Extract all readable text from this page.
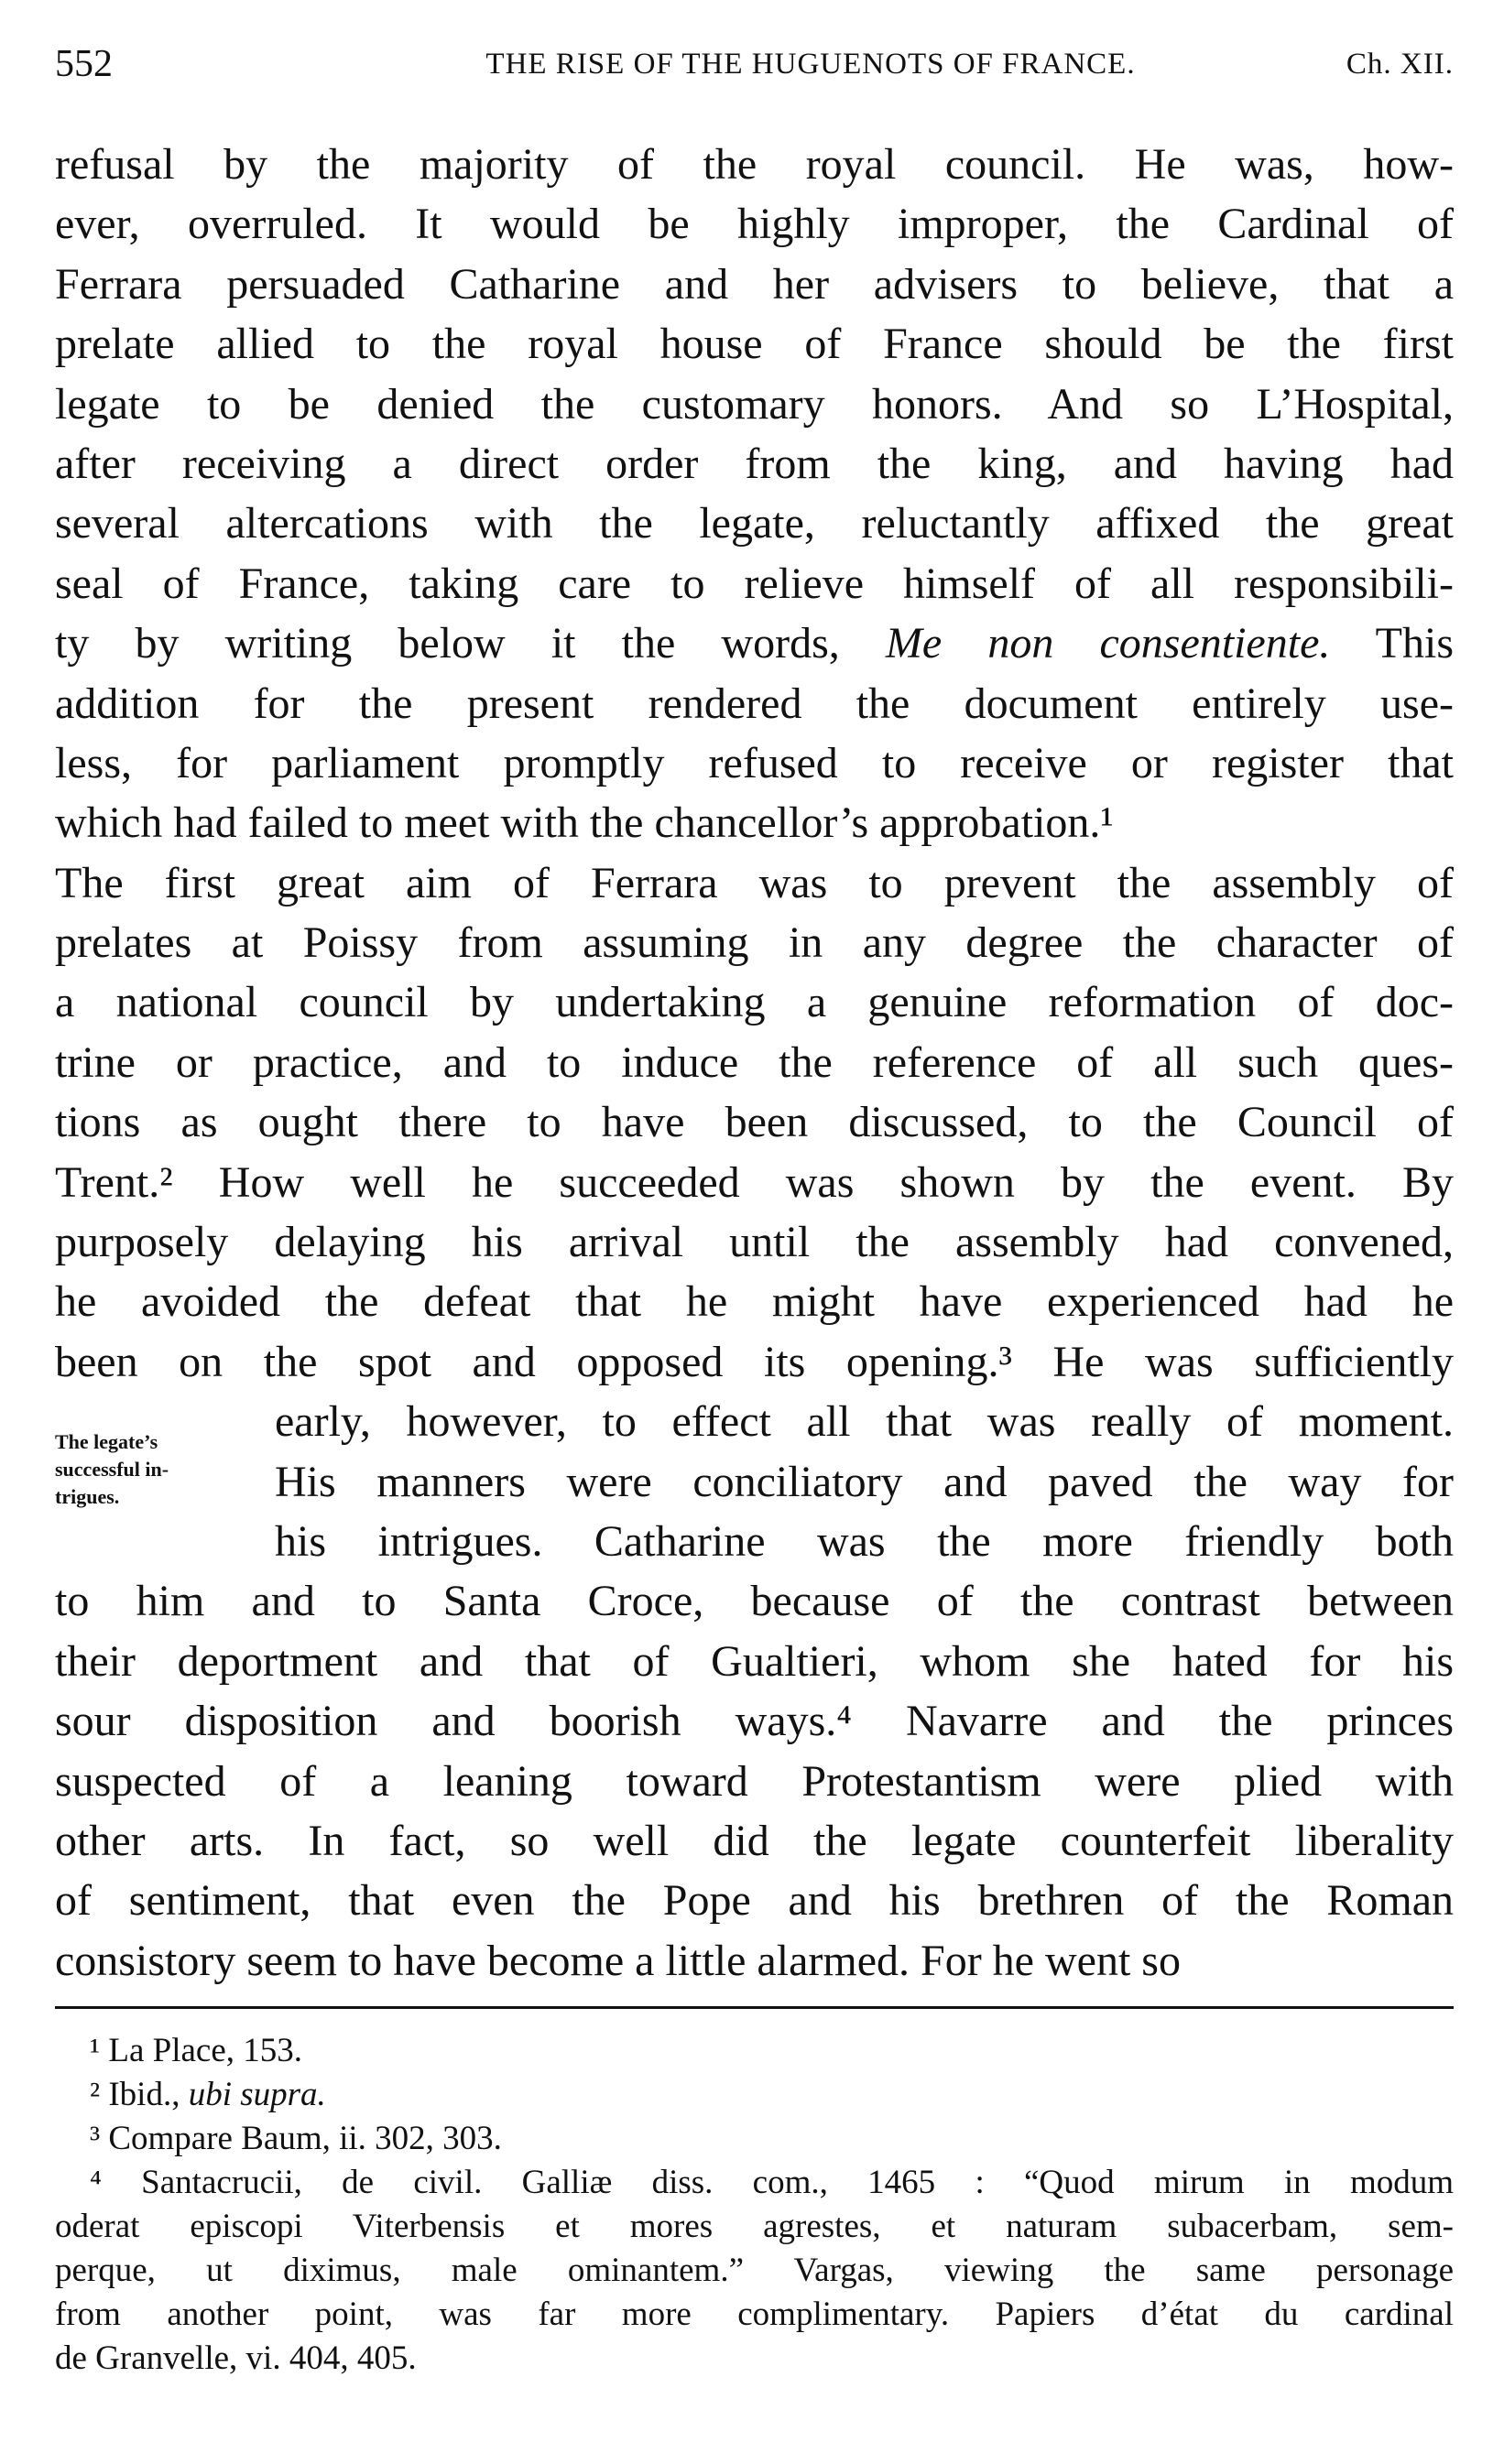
552	THE RISE OF THE HUGUENOTS OF FRANCE.	Ch. XII.
refusal by the majority of the royal council. He was, how-
ever, overruled. It would be highly improper, the Cardinal of
Ferrara persuaded Catharine and her advisers to believe, that a
prelate allied to the royal house of France should be the first
legate to be denied the customary honors. And so L’Hospital,
after receiving a direct order from the king, and having had
several altercations with the legate, reluctantly affixed the great
seal of France, taking care to relieve himself of all responsibili-
ty by writing below it the words, Me non consentiente. This
addition for the present rendered the document entirely use-
less, for parliament promptly refused to receive or register that
which had failed to meet with the chancellor’s approbation.¹
The first great aim of Ferrara was to prevent the assembly of
prelates at Poissy from assuming in any degree the character of
a national council by undertaking a genuine reformation of doc-
trine or practice, and to induce the reference of all such ques-
tions as ought there to have been discussed, to the Council of
Trent.² How well he succeeded was shown by the event. By
purposely delaying his arrival until the assembly had convened,
he avoided the defeat that he might have experienced had he
been on the spot and opposed its opening.³ He was sufficiently
early, however, to effect all that was really of moment.
His manners were conciliatory and paved the way for
his intrigues. Catharine was the more friendly both
to him and to Santa Croce, because of the contrast between
their deportment and that of Gualtieri, whom she hated for his
sour disposition and boorish ways.⁴ Navarre and the princes
suspected of a leaning toward Protestantism were plied with
other arts. In fact, so well did the legate counterfeit liberality
of sentiment, that even the Pope and his brethren of the Roman
consistory seem to have become a little alarmed. For he went so
The legate’s
successful in-
trigues.
¹ La Place, 153.
² Ibid., ubi supra.
³ Compare Baum, ii. 302, 303.
⁴ Santacrucii, de civil. Galliæ diss. com., 1465 : “Quod mirum in modum
oderat episcopi Viterbensis et mores agrestes, et naturam subacerbam, sem-
perque, ut diximus, male ominantem.” Vargas, viewing the same personage
from another point, was far more complimentary. Papiers d’état du cardinal
de Granvelle, vi. 404, 405.
